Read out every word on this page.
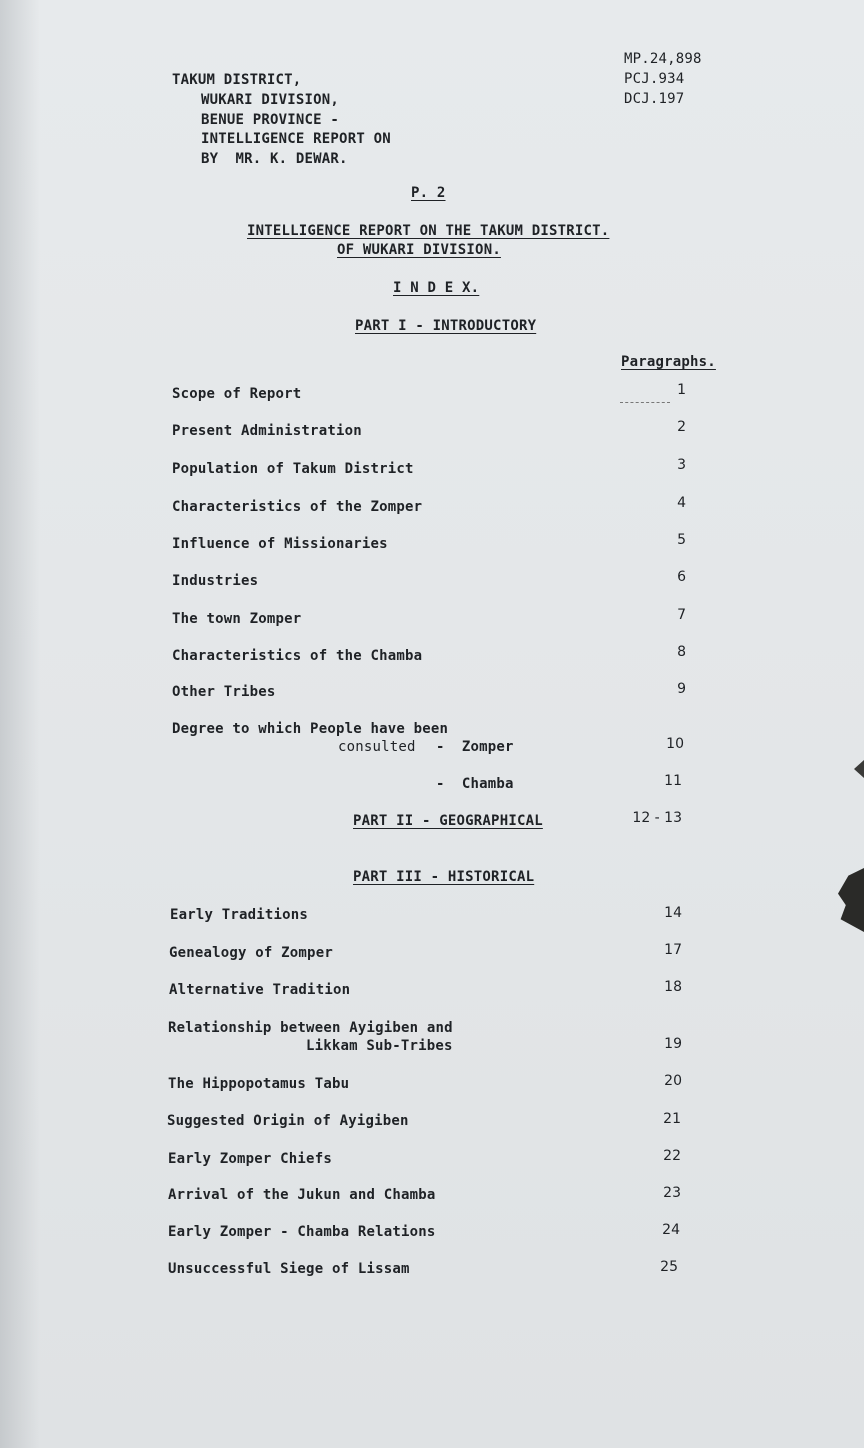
TAKUM DISTRICT,
WUKARI DIVISION,
BENUE PROVINCE -
INTELLIGENCE REPORT ON
BY  MR. K. DEWAR.
MP.24,898
PCJ.934
DCJ.197
P. 2
INTELLIGENCE REPORT ON THE TAKUM DISTRICT.
OF WUKARI DIVISION.
I N D E X.
PART I - INTRODUCTORY
Paragraphs.
Scope of Report	1
Present Administration	2
Population of Takum District	3
Characteristics of the Zomper	4
Influence of Missionaries	5
Industries	6
The town Zomper	7
Characteristics of the Chamba	8
Other Tribes	9
Degree to which People have been
consulted -  Zomper	10
-  Chamba	11
PART II - GEOGRAPHICAL	12 - 13
PART III - HISTORICAL
Early Traditions	14
Genealogy of Zomper	17
Alternative Tradition	18
Relationship between Ayigiben and
Likkam Sub-Tribes	19
The Hippopotamus Tabu	20
Suggested Origin of Ayigiben	21
Early Zomper Chiefs	22
Arrival of the Jukun and Chamba	23
Early Zomper - Chamba Relations	24
Unsuccessful Siege of Lissam	25
